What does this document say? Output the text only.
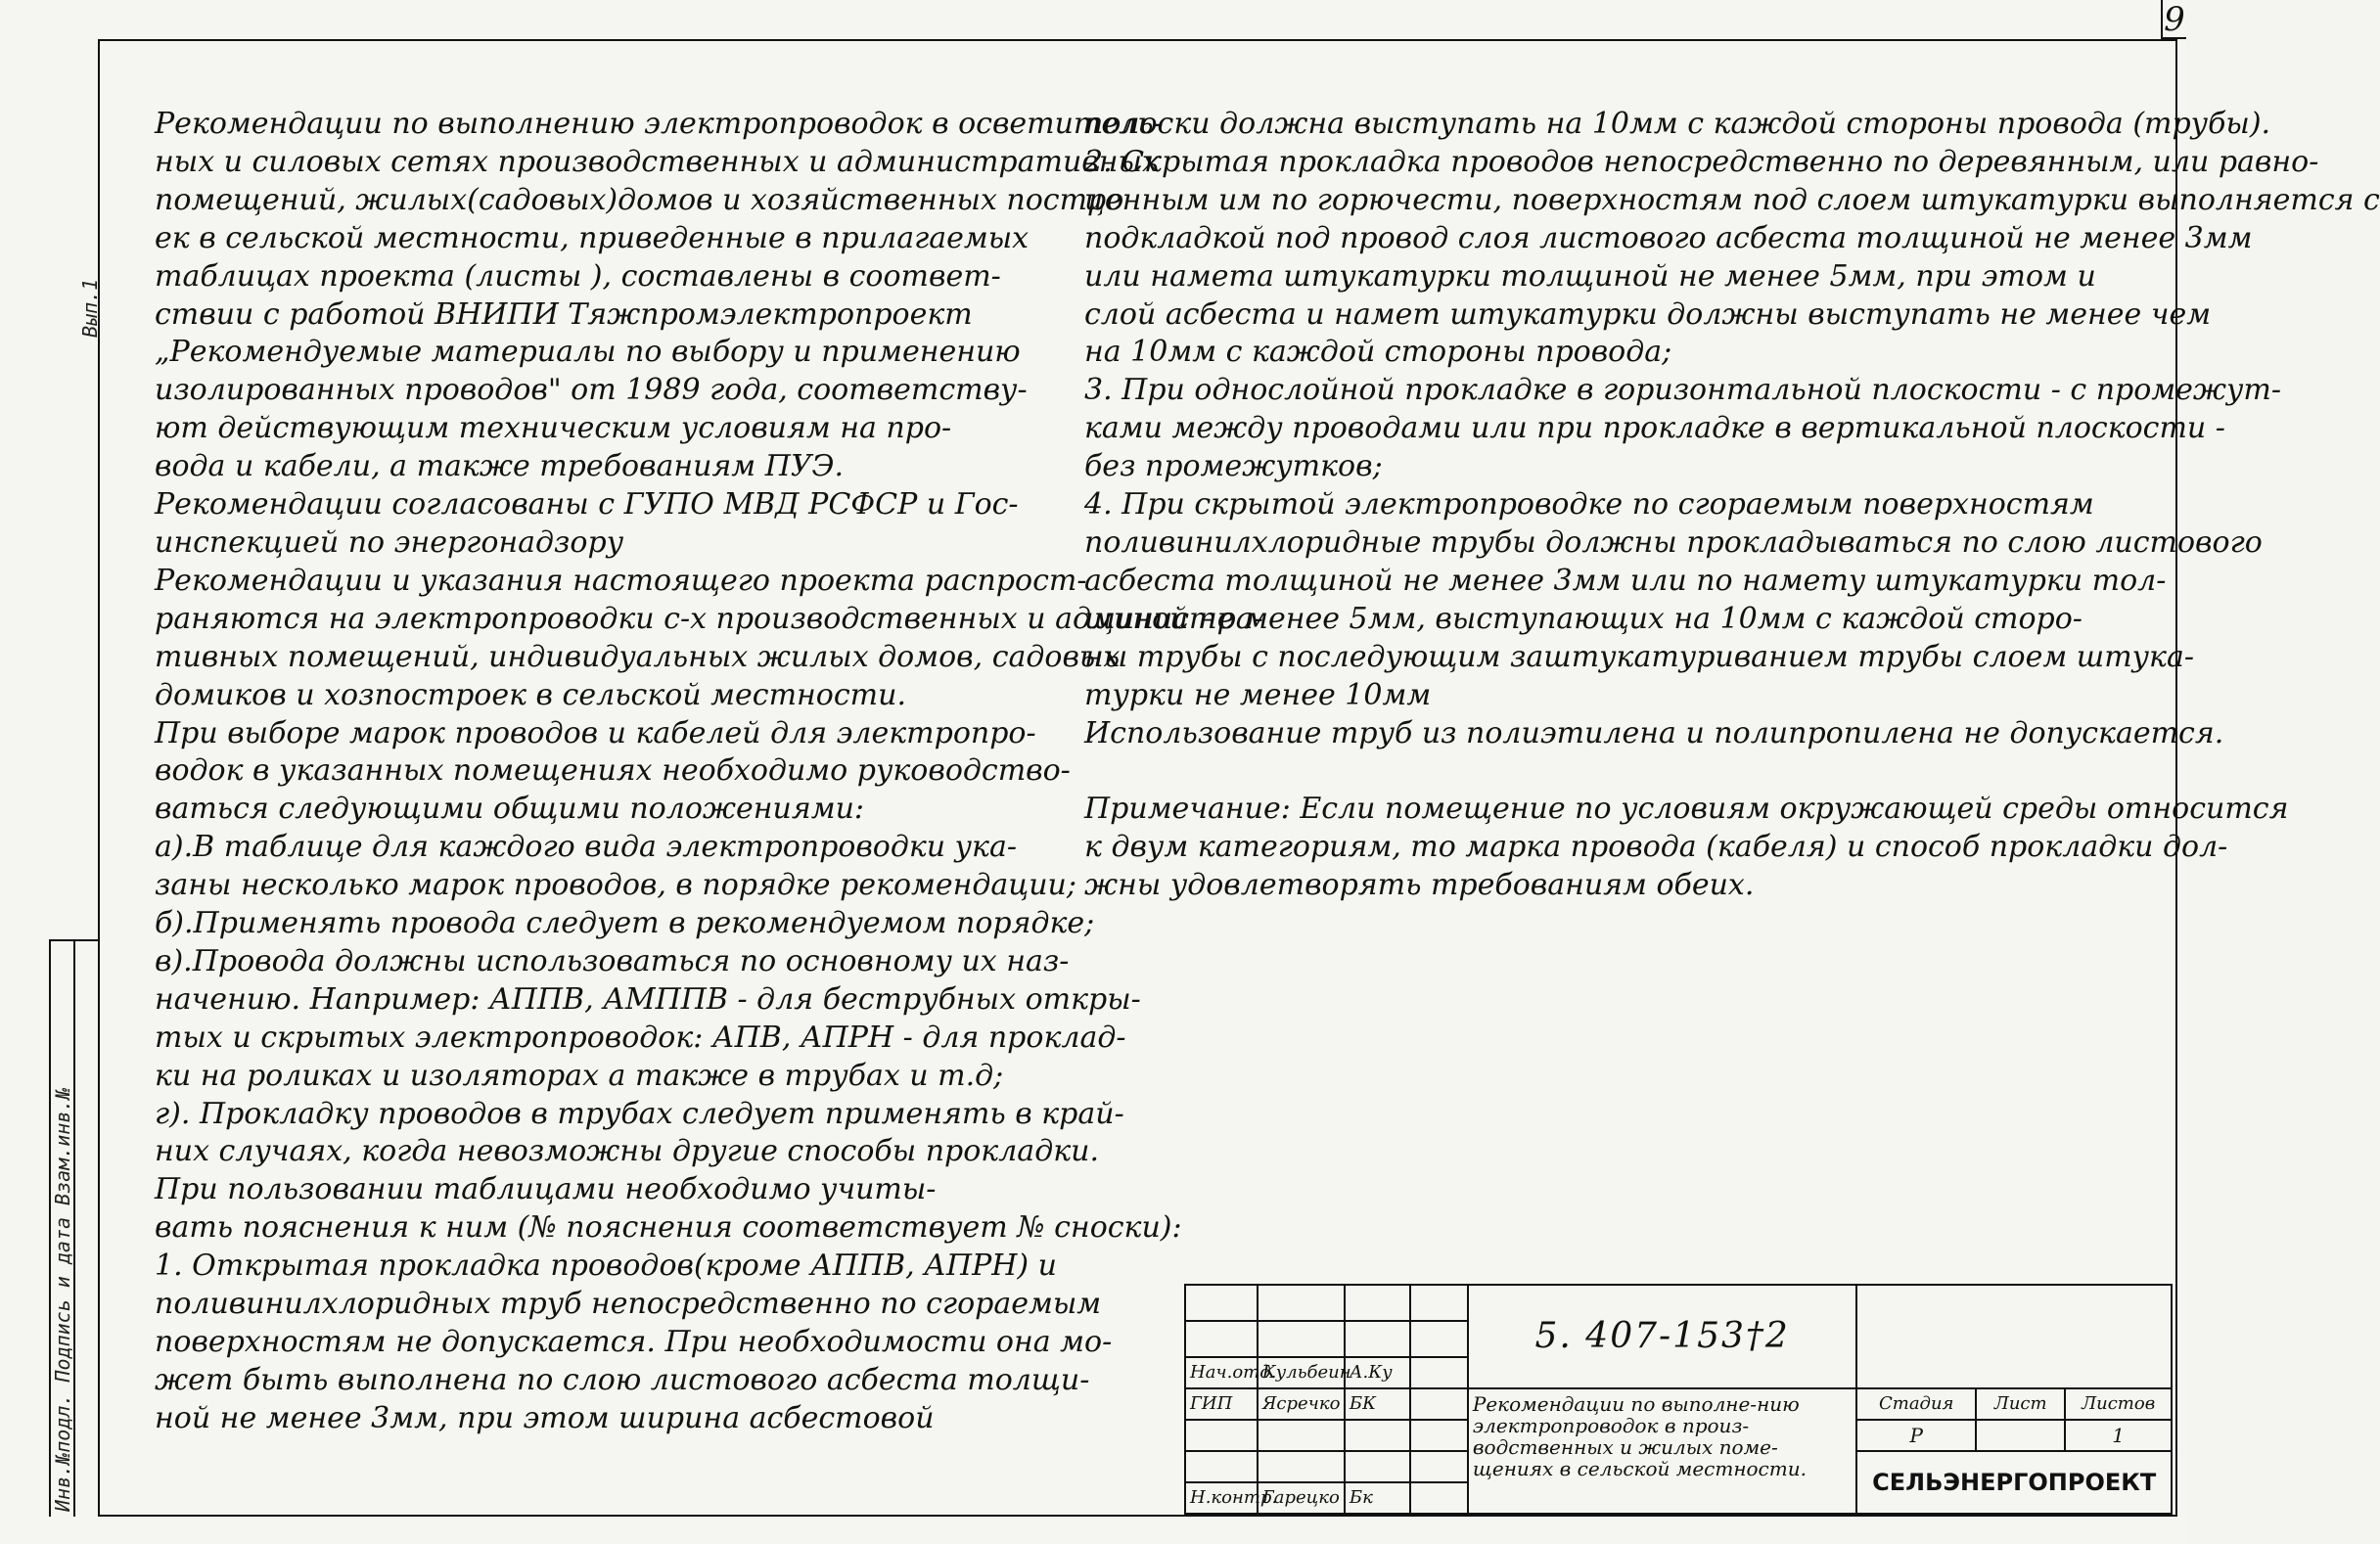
9
Вып.1
Инв.№подл. Подпись и дата Взам.инв.№

Рекомендации по выполнению электропроводок в осветитель-

ных и силовых сетях производственных и административных

помещений, жилых(садовых)домов и хозяйственных постро

ек в сельской местности, приведенные в прилагаемых

таблицах проекта (листы ), составлены в соответ-

ствии с работой ВНИПИ Тяжпромэлектропроект

„Рекомендуемые материалы по выбору и применению

изолированных проводов" от 1989 года, соответству-

ют действующим техническим условиям на про-

вода и кабели, а также требованиям ПУЭ.

Рекомендации согласованы с ГУПО МВД РСФСР и Гос-

инспекцией по энергонадзору

Рекомендации и указания настоящего проекта распрост-

раняются на электропроводки с-х производственных и администра-

тивных помещений, индивидуальных жилых домов, садовых

домиков и хозпостроек в сельской местности.

При выборе марок проводов и кабелей для электропро-

водок в указанных помещениях необходимо руководство-

ваться следующими общими положениями:

а).В таблице для каждого вида электропроводки ука-

заны несколько марок проводов, в порядке рекомендации;

б).Применять провода следует в рекомендуемом порядке;

в).Провода должны использоваться по основному их наз-

начению. Например: АППВ, АМППВ - для беструбных откры-

тых и скрытых электропроводок: АПВ, АПРН - для проклад-

ки на роликах и изоляторах а также в трубах и т.д;

г). Прокладку проводов в трубах следует применять в край-

них случаях, когда невозможны другие способы прокладки.

При пользовании таблицами необходимо учиты-

вать пояснения к ним (№ пояснения соответствует № сноски):

1. Открытая прокладка проводов(кроме АППВ, АПРН) и

поливинилхлоридных труб непосредственно по сгораемым

поверхностям не допускается. При необходимости она мо-

жет быть выполнена по слою листового асбеста толщи-

ной не менее 3мм, при этом ширина асбестовой

полоски должна выступать на 10мм с каждой стороны провода (трубы).

2. Скрытая прокладка проводов непосредственно по деревянным, или равно-

ценным им по горючести, поверхностям под слоем штукатурки выполняется с

подкладкой под провод слоя листового асбеста толщиной не менее 3мм

или намета штукатурки толщиной не менее 5мм, при этом и

слой асбеста и намет штукатурки должны выступать не менее чем

на 10мм с каждой стороны провода;

3. При однослойной прокладке в горизонтальной плоскости - с промежут-

ками между проводами или при прокладке в вертикальной плоскости -

без промежутков;

4. При скрытой электропроводке по сгораемым поверхностям

поливинилхлоридные трубы должны прокладываться по слою листового

асбеста толщиной не менее 3мм или по намету штукатурки тол-

щиной не менее 5мм, выступающих на 10мм с каждой сторо-

ны трубы с последующим заштукатуриванием трубы слоем штука-

турки не менее 10мм

Использование труб из полиэтилена и полипропилена не допускается.

Примечание: Если помещение по условиям окружающей среды относится

к двум категориям, то марка провода (кабеля) и способ прокладки дол-

жны удовлетворять требованиям обеих.

				5. 407-153†2			

Нач.отд.	Кульбеин	А.Ку					
ГИП	Ясречко	БК		Рекомендации по выполне-нию электропроводок в произ-водственных и жилых поме-щениях в сельской местности.	Стадия	Лист	Листов
					Р		1
					СЕЛЬЭНЕРГОПРОЕКТ		
Н.контр.	Гарецко	Бк					
